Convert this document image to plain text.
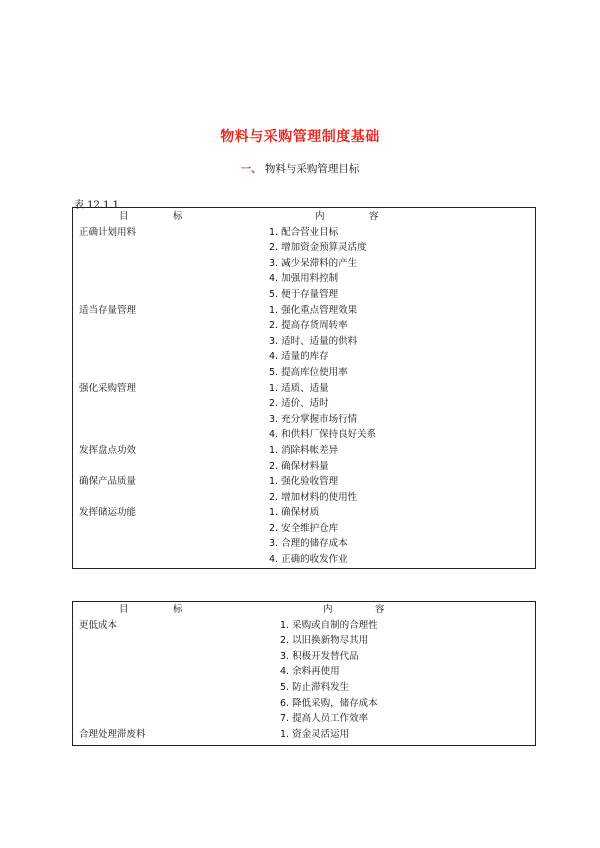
物料与采购管理制度基础
一、 物料与采购管理目标
表 12.1.1
目	标	内	容
正确计划用料	1. 配合营业目标
2. 增加资金预算灵活度
3. 减少呆滞料的产生
4. 加强用料控制
5. 便于存量管理
适当存量管理	1. 强化重点管理效果
2. 提高存货周转率
3. 适时、适量的供料
4. 适量的库存
5. 提高库位使用率
强化采购管理	1. 适质、适量
2. 适价、适时
3. 充分掌握市场行情
4. 和供料厂保持良好关系
发挥盘点功效	1. 消除料帐差异
2. 确保材料量
确保产品质量	1. 强化验收管理
2. 增加材料的使用性
发挥储运功能	1. 确保材质
2. 安全维护仓库
3. 合理的储存成本
4. 正确的收发作业
目	标	内	容
更低成本	1. 采购或自制的合理性
2. 以旧换新物尽其用
3. 积极开发替代品
4. 余料再使用
5. 防止滞料发生
6. 降低采购，储存成本
7. 提高人员工作效率
合理处理滞废料	1. 资金灵活运用
